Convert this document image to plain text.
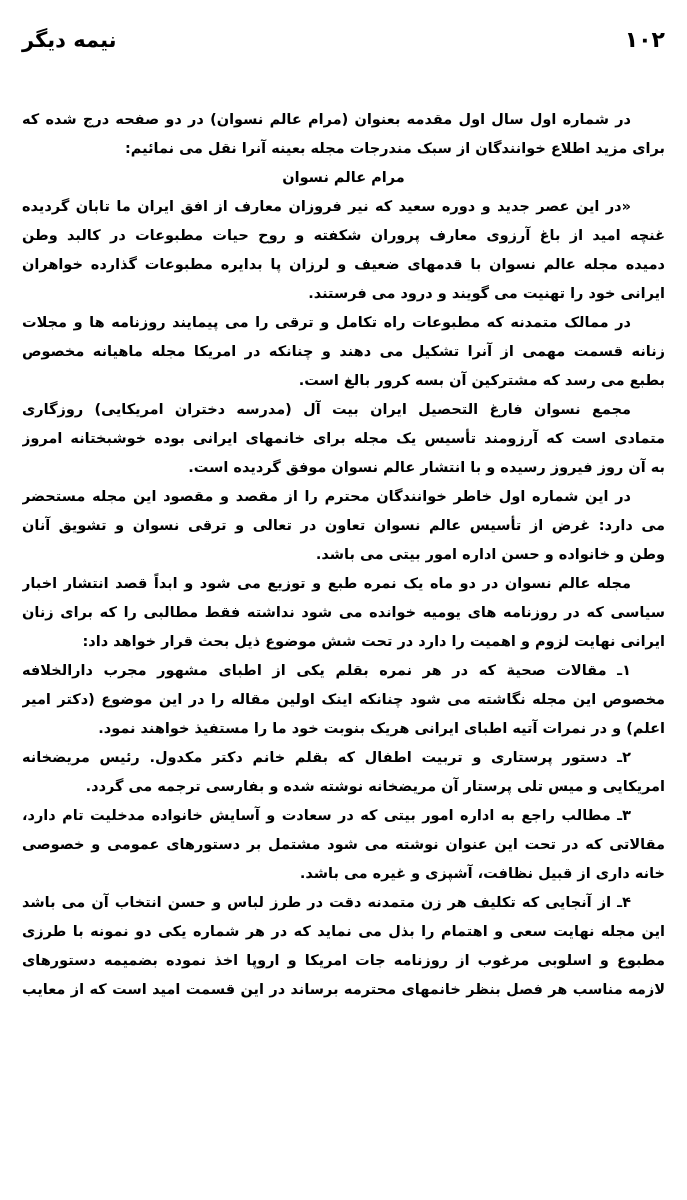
۱۰۲
نیمه دیگر
در شماره اول سال اول مقدمه بعنوان (مرام عالم نسوان) در دو صفحه درج شده که
برای مزید اطلاع خوانندگان از سبک مندرجات مجله بعینه آنرا نقل می نمائیم:
مرام عالم نسوان
«در این عصر جدید و دوره سعید که نیر فروزان معارف از افق ایران ما تابان گردیده
غنچه امید از باغ آرزوی معارف پروران شکفته و روح حیات مطبوعات در کالبد وطن
دمیده مجله عالم نسوان با قدمهای ضعیف و لرزان پا بدایره مطبوعات گذارده خواهران
ایرانی خود را تهنیت می گویند و درود می فرستند.
در ممالک متمدنه که مطبوعات راه تکامل و ترقی را می پیمایند روزنامه ها و مجلات
زنانه قسمت مهمی از آنرا تشکیل می دهند و چنانکه در امریکا مجله ماهیانه مخصوص
بطبع می رسد که مشترکین آن بسه کرور بالغ است.
مجمع نسوان فارغ التحصیل ایران بیت آل (مدرسه دختران امریکایی) روزگاری
متمادی است که آرزومند تأسیس یک مجله برای خانمهای ایرانی بوده خوشبختانه امروز
به آن روز فیروز رسیده و با انتشار عالم نسوان موفق گردیده است.
در این شماره اول خاطر خوانندگان محترم را از مقصد و مقصود این مجله مستحضر
می دارد: غرض از تأسیس عالم نسوان تعاون در تعالی و ترقی نسوان و تشویق آنان
وطن و خانواده و حسن اداره امور بیتی می باشد.
مجله عالم نسوان در دو ماه یک نمره طبع و توزیع می شود و ابداً قصد انتشار اخبار
سیاسی که در روزنامه های یومیه خوانده می شود نداشته فقط مطالبی را که برای زنان
ایرانی نهایت لزوم و اهمیت را دارد در تحت شش موضوع ذیل بحث قرار خواهد داد:
۱ـ مقالات صحیة که در هر نمره بقلم یکی از اطبای مشهور مجرب دارالخلافه
مخصوص این مجله نگاشته می شود چنانکه اینک اولین مقاله را در این موضوع (دکتر امیر
اعلم) و در نمرات آتیه اطبای ایرانی هریک بنوبت خود ما را مستفیذ خواهند نمود.
۲ـ دستور پرستاری و تربیت اطفال که بقلم خانم دکتر مکدول. رئیس مریضخانه
امریکایی و میس تلی پرستار آن مریضخانه نوشته شده و بفارسی ترجمه می گردد.
۳ـ مطالب راجع به اداره امور بیتی که در سعادت و آسایش خانواده مدخلیت تام دارد،
مقالاتی که در تحت این عنوان نوشته می شود مشتمل بر دستورهای عمومی و خصوصی
خانه داری از قبیل نظافت، آشپزی و غیره می باشد.
۴ـ از آنجایی که تکلیف هر زن متمدنه دقت در طرز لباس و حسن انتخاب آن می باشد
این مجله نهایت سعی و اهتمام را بذل می نماید که در هر شماره یکی دو نمونه با طرزی
مطبوع و اسلوبی مرغوب از روزنامه جات امریکا و اروپا اخذ نموده بضمیمه دستورهای
لازمه مناسب هر فصل بنظر خانمهای محترمه برساند در این قسمت امید است که از معایب
